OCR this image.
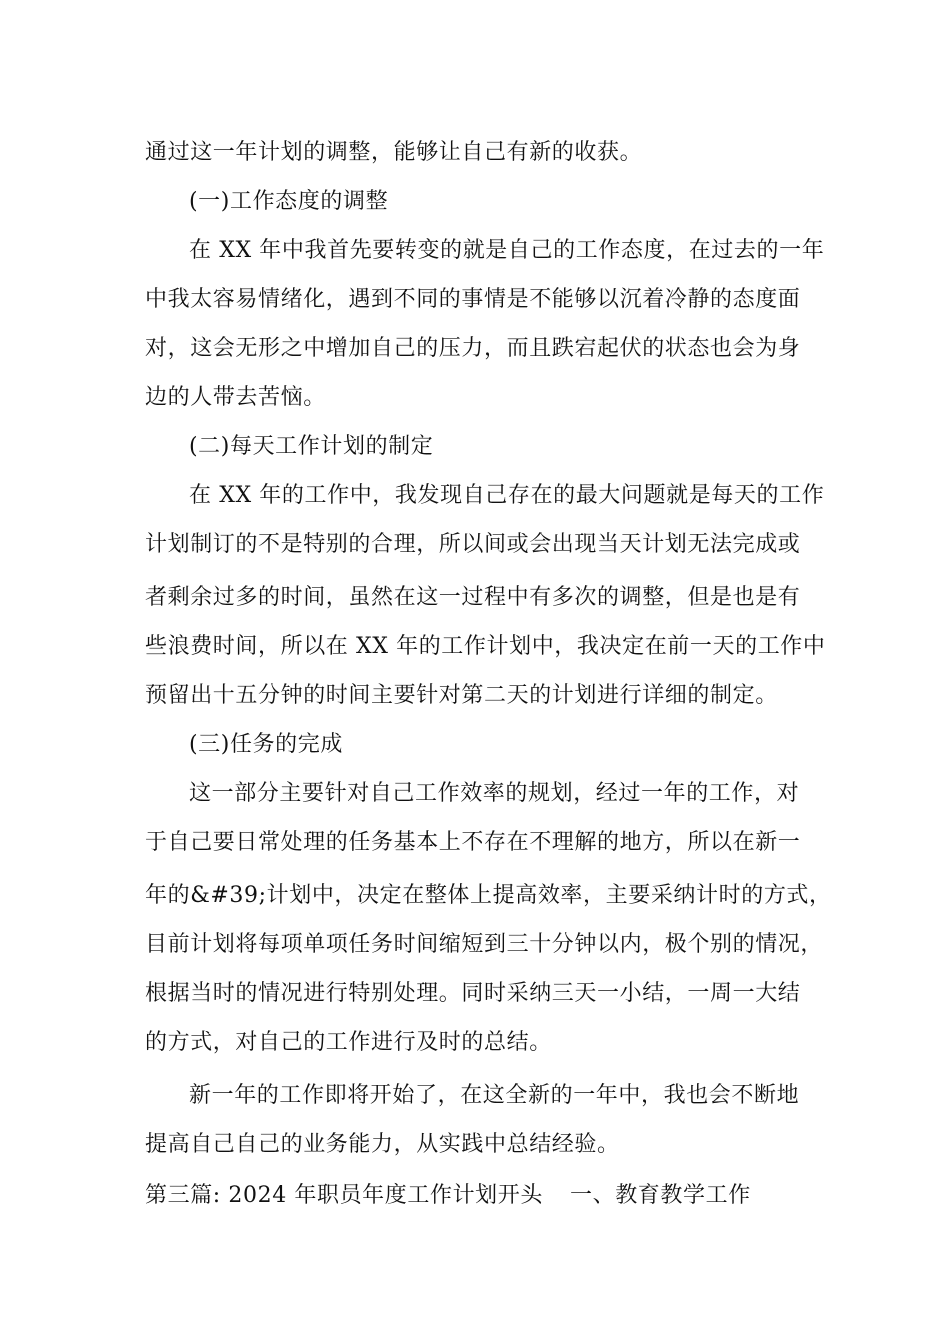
通过这一年计划的调整，能够让自己有新的收获。
(一)工作态度的调整
在 XX 年中我首先要转变的就是自己的工作态度，在过去的一年
中我太容易情绪化，遇到不同的事情是不能够以沉着冷静的态度面
对，这会无形之中增加自己的压力，而且跌宕起伏的状态也会为身
边的人带去苦恼。
(二)每天工作计划的制定
在 XX 年的工作中，我发现自己存在的最大问题就是每天的工作
计划制订的不是特别的合理，所以间或会出现当天计划无法完成或
者剩余过多的时间，虽然在这一过程中有多次的调整，但是也是有
些浪费时间，所以在 XX 年的工作计划中，我决定在前一天的工作中
预留出十五分钟的时间主要针对第二天的计划进行详细的制定。
(三)任务的完成
这一部分主要针对自己工作效率的规划，经过一年的工作，对
于自己要日常处理的任务基本上不存在不理解的地方，所以在新一
年的&#39;计划中，决定在整体上提高效率，主要采纳计时的方式，
目前计划将每项单项任务时间缩短到三十分钟以内，极个别的情况，
根据当时的情况进行特别处理。同时采纳三天一小结，一周一大结
的方式，对自己的工作进行及时的总结。
新一年的工作即将开始了，在这全新的一年中，我也会不断地
提高自己自己的业务能力，从实践中总结经验。
第三篇: 2024 年职员年度工作计划开头 一、教育教学工作
